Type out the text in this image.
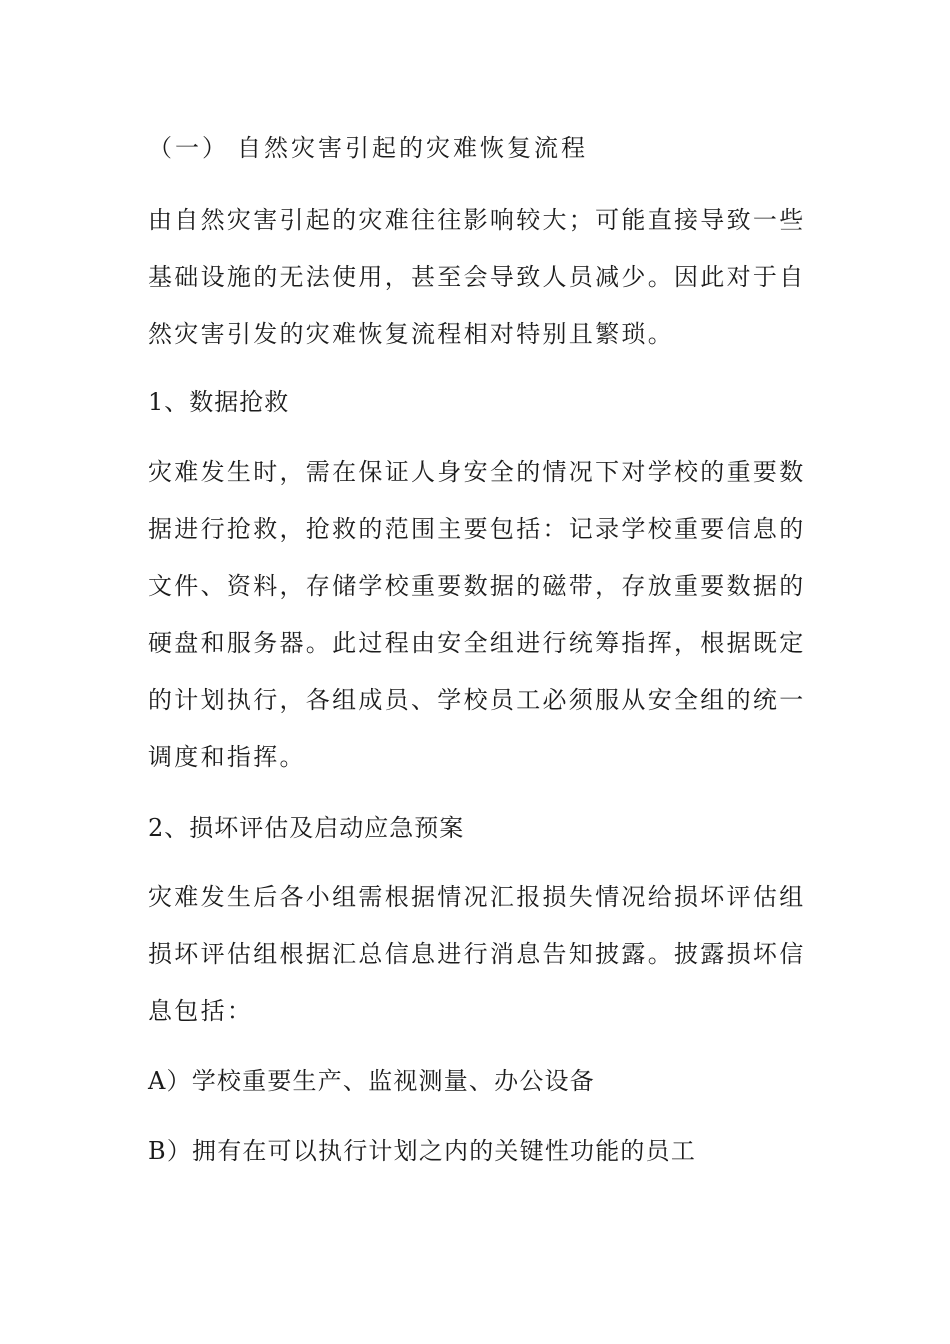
（一） 自然灾害引起的灾难恢复流程
由自然灾害引起的灾难往往影响较大；可能直接导致一些
基础设施的无法使用，甚至会导致人员减少。因此对于自
然灾害引发的灾难恢复流程相对特别且繁琐。
1、数据抢救
灾难发生时，需在保证人身安全的情况下对学校的重要数
据进行抢救，抢救的范围主要包括：记录学校重要信息的
文件、资料，存储学校重要数据的磁带，存放重要数据的
硬盘和服务器。此过程由安全组进行统筹指挥，根据既定
的计划执行，各组成员、学校员工必须服从安全组的统一
调度和指挥。
2、损坏评估及启动应急预案
灾难发生后各小组需根据情况汇报损失情况给损坏评估组
损坏评估组根据汇总信息进行消息告知披露。披露损坏信
息包括：
A）学校重要生产、监视测量、办公设备
B）拥有在可以执行计划之内的关键性功能的员工
